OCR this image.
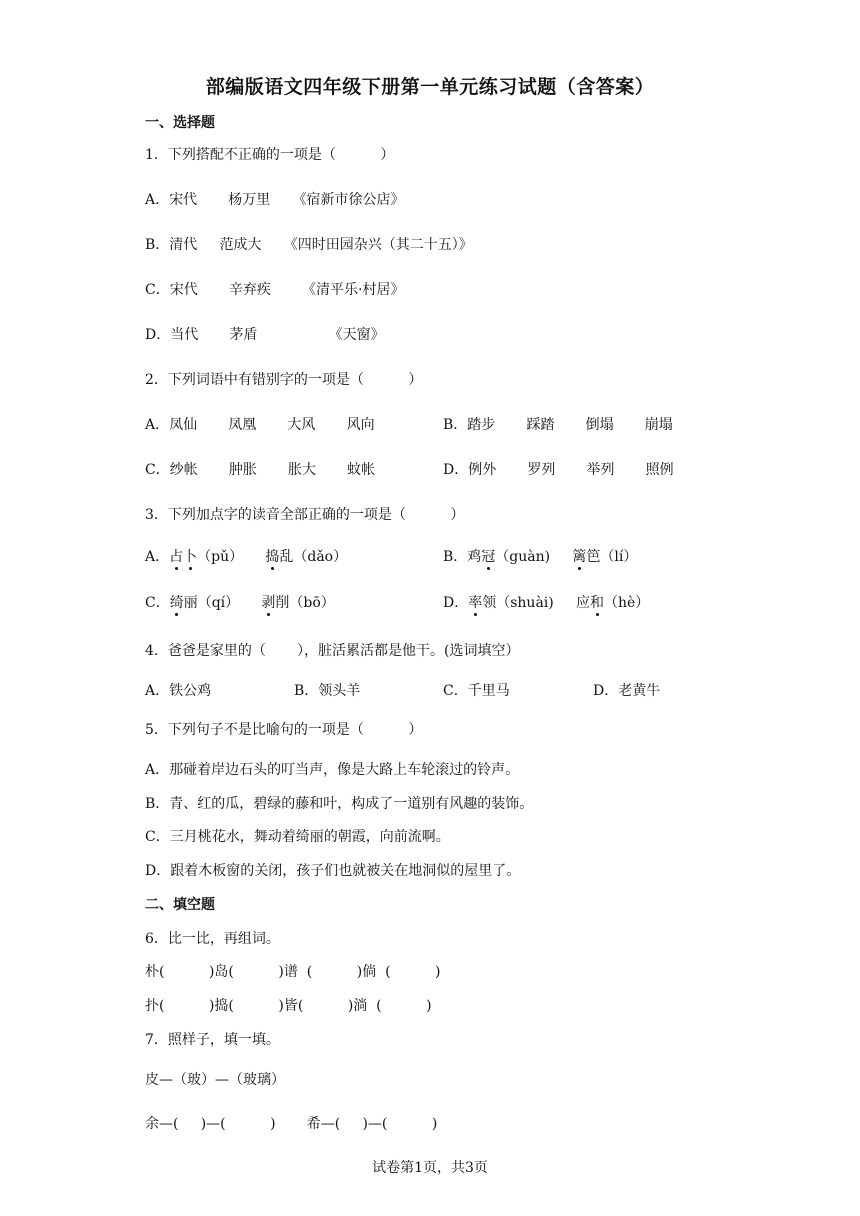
部编版语文四年级下册第一单元练习试题（含答案）
一、选择题
1．下列搭配不正确的一项是（          ）
A．宋代       杨万里     《宿新市徐公店》
B．清代     范成大     《四时田园杂兴（其二十五）》
C．宋代       辛弃疾       《清平乐·村居》
D．当代       茅盾                《天窗》
2．下列词语中有错别字的一项是（          ）
A．凤仙       凤凰       大风       风向	B．踏步       踩踏       倒塌       崩塌
C．纱帐       肿胀       胀大       蚊帐	D．例外       罗列       举列       照例
3．下列加点字的读音全部正确的一项是（          ）
A．占卜（pǔ）     捣乱（dǎo）	B．鸡冠（guàn)     篱笆（lí）
C．绮丽（qí）     剥削（bō）	D．率领（shuài)     应和（hè）
4．爸爸是家里的（       ），脏活累活都是他干。(选词填空）
A．铁公鸡	B．领头羊	C．千里马	D．老黄牛
5．下列句子不是比喻句的一项是（          ）
A．那碰着岸边石头的叮当声，像是大路上车轮滚过的铃声。
B．青、红的瓜，碧绿的藤和叶，构成了一道别有风趣的装饰。
C．三月桃花水，舞动着绮丽的朝霞，向前流啊。
D．跟着木板窗的关闭，孩子们也就被关在地洞似的屋里了。
二、填空题
6．比一比，再组词。
朴(          )岛(          )谱  (          )倘  (          )
扑(          )捣(          )皆(          )淌  (          )
7．照样子，填一填。
皮—（玻）—（玻璃）
余—(     )—(          )       希—(     )—(          )
试卷第1页，共3页
